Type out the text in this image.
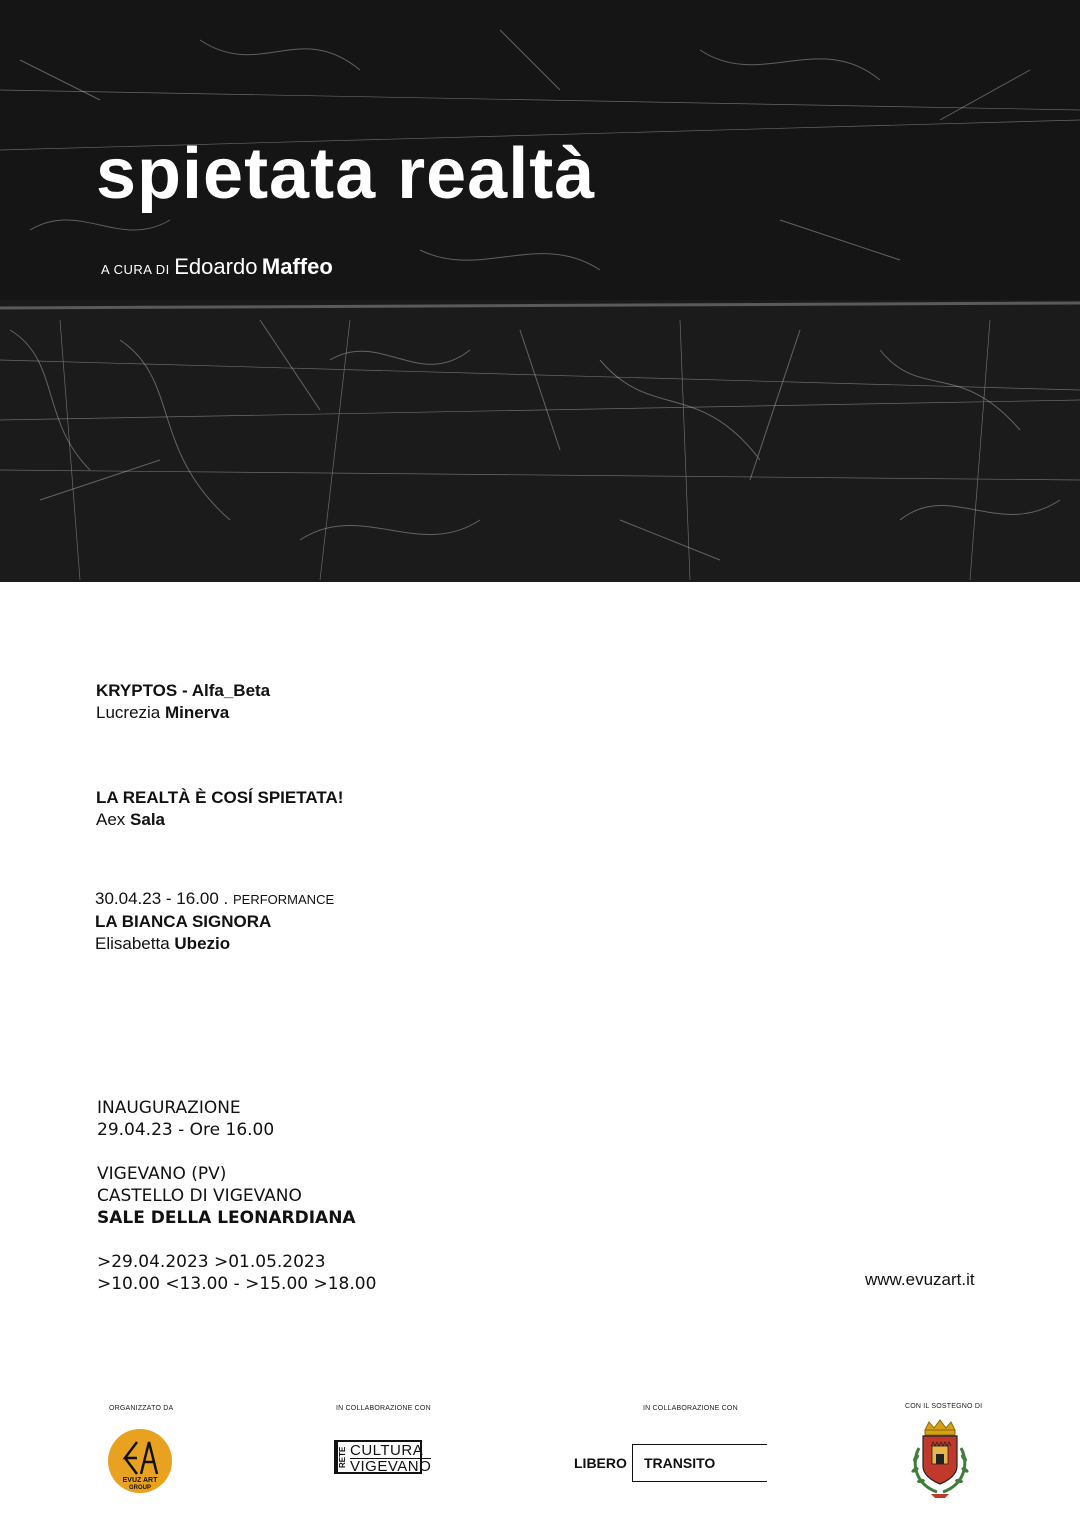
spietata realtà
A CURA DI Edoardo Maffeo
KRYPTOS - Alfa_Beta
Lucrezia Minerva
LA REALTÀ È COSÍ SPIETATA!
Aex Sala
30.04.23 - 16.00 . PERFORMANCE
LA BIANCA SIGNORA
Elisabetta Ubezio
INAUGURAZIONE
29.04.23 - Ore 16.00
VIGEVANO (PV)
CASTELLO DI VIGEVANO
SALE DELLA LEONARDIANA
>29.04.2023 >01.05.2023
>10.00 <13.00 - >15.00 >18.00	www.evuzart.it
ORGANIZZATO DA
EVUZ ART
GROUP
IN COLLABORAZIONE CON
RETE CULTURA
VIGEVANO
IN COLLABORAZIONE CON
LIBERO TRANSITO
CON IL SOSTEGNO DI
